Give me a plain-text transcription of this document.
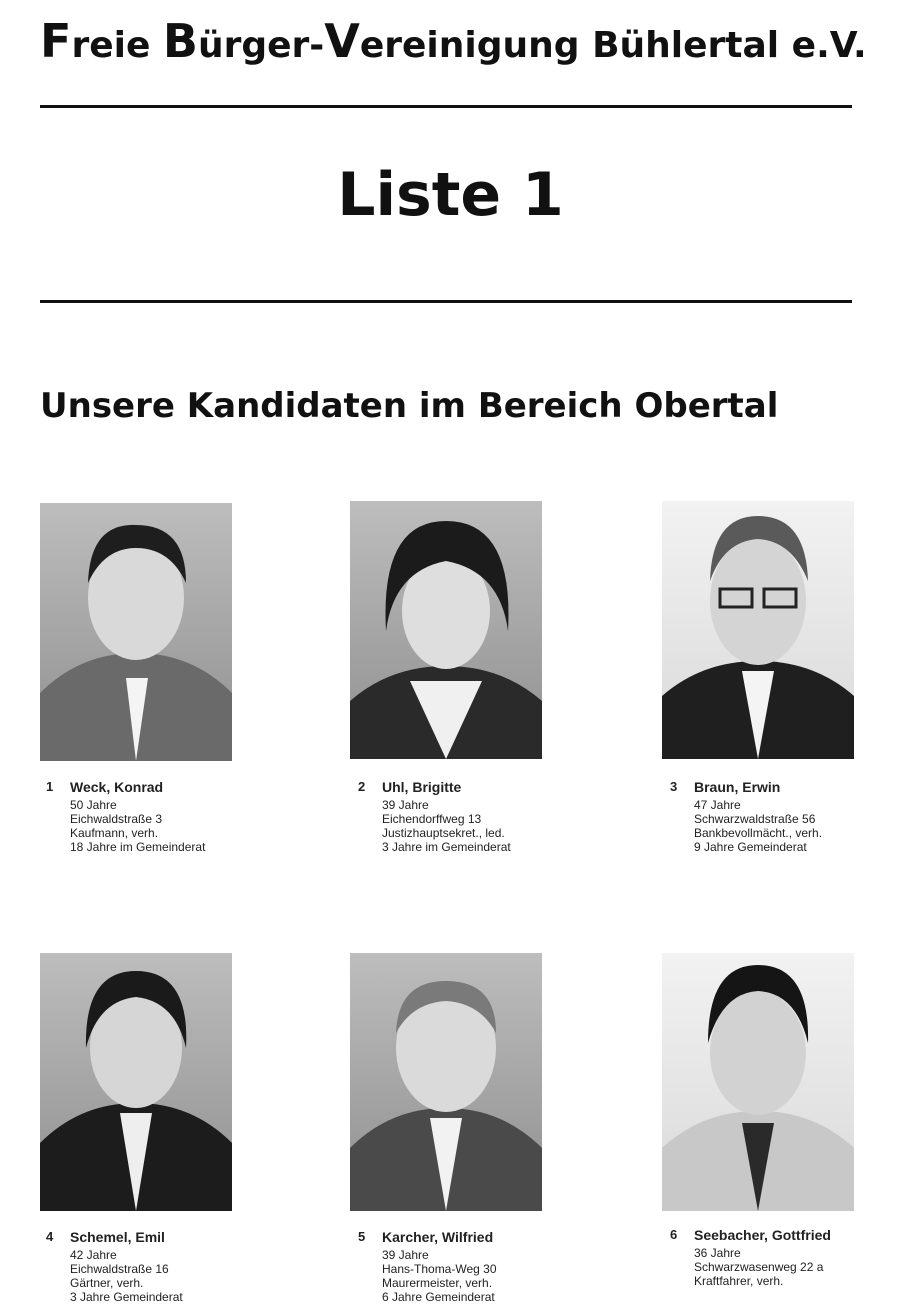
Freie Bürger-Vereinigung Bühlertal e.V.
Liste 1
Unsere Kandidaten im Bereich Obertal
1 Weck, Konrad
50 Jahre
Eichwaldstraße 3
Kaufmann, verh.
18 Jahre im Gemeinderat
2 Uhl, Brigitte
39 Jahre
Eichendorffweg 13
Justizhauptsekret., led.
3 Jahre im Gemeinderat
3 Braun, Erwin
47 Jahre
Schwarzwaldstraße 56
Bankbevollmächt., verh.
9 Jahre Gemeinderat
4 Schemel, Emil
42 Jahre
Eichwaldstraße 16
Gärtner, verh.
3 Jahre Gemeinderat
5 Karcher, Wilfried
39 Jahre
Hans-Thoma-Weg 30
Maurermeister, verh.
6 Jahre Gemeinderat
6 Seebacher, Gottfried
36 Jahre
Schwarzwasenweg 22 a
Kraftfahrer, verh.
